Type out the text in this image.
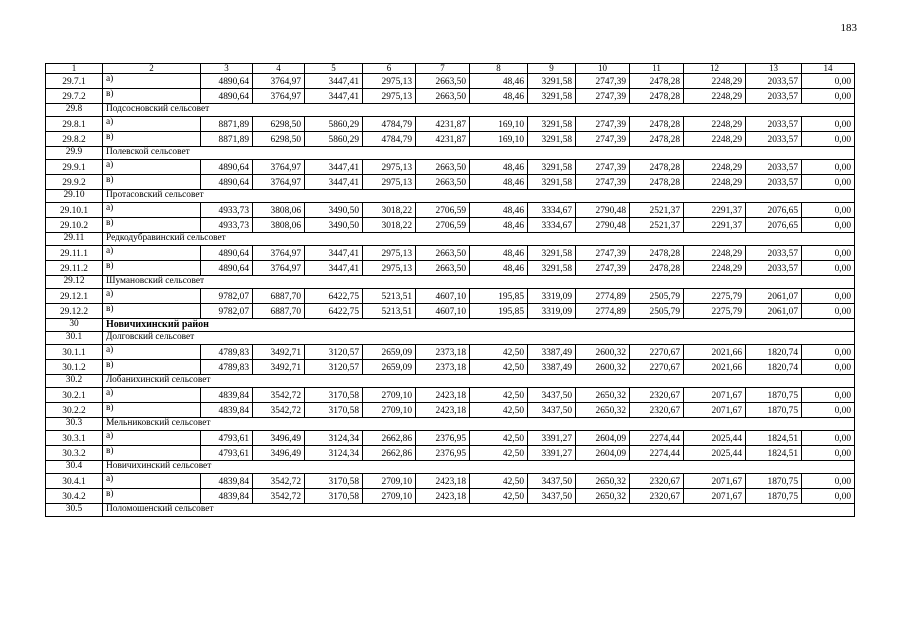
183
1	2	3	4	5	6	7	8	9	10	11	12	13	14
29.7.1	а)	4890,64	3764,97	3447,41	2975,13	2663,50	48,46	3291,58	2747,39	2478,28	2248,29	2033,57	0,00
29.7.2	в)	4890,64	3764,97	3447,41	2975,13	2663,50	48,46	3291,58	2747,39	2478,28	2248,29	2033,57	0,00
29.8	Подсосновский сельсовет												
29.8.1	а)	8871,89	6298,50	5860,29	4784,79	4231,87	169,10	3291,58	2747,39	2478,28	2248,29	2033,57	0,00
29.8.2	в)	8871,89	6298,50	5860,29	4784,79	4231,87	169,10	3291,58	2747,39	2478,28	2248,29	2033,57	0,00
29.9	Полевской сельсовет												
29.9.1	а)	4890,64	3764,97	3447,41	2975,13	2663,50	48,46	3291,58	2747,39	2478,28	2248,29	2033,57	0,00
29.9.2	в)	4890,64	3764,97	3447,41	2975,13	2663,50	48,46	3291,58	2747,39	2478,28	2248,29	2033,57	0,00
29.10	Протасовский сельсовет												
29.10.1	а)	4933,73	3808,06	3490,50	3018,22	2706,59	48,46	3334,67	2790,48	2521,37	2291,37	2076,65	0,00
29.10.2	в)	4933,73	3808,06	3490,50	3018,22	2706,59	48,46	3334,67	2790,48	2521,37	2291,37	2076,65	0,00
29.11	Редкодубравинский сельсовет												
29.11.1	а)	4890,64	3764,97	3447,41	2975,13	2663,50	48,46	3291,58	2747,39	2478,28	2248,29	2033,57	0,00
29.11.2	в)	4890,64	3764,97	3447,41	2975,13	2663,50	48,46	3291,58	2747,39	2478,28	2248,29	2033,57	0,00
29.12	Шумановский сельсовет												
29.12.1	а)	9782,07	6887,70	6422,75	5213,51	4607,10	195,85	3319,09	2774,89	2505,79	2275,79	2061,07	0,00
29.12.2	в)	9782,07	6887,70	6422,75	5213,51	4607,10	195,85	3319,09	2774,89	2505,79	2275,79	2061,07	0,00
30	Новичихинский район												
30.1	Долговский сельсовет												
30.1.1	а)	4789,83	3492,71	3120,57	2659,09	2373,18	42,50	3387,49	2600,32	2270,67	2021,66	1820,74	0,00
30.1.2	в)	4789,83	3492,71	3120,57	2659,09	2373,18	42,50	3387,49	2600,32	2270,67	2021,66	1820,74	0,00
30.2	Лобанихинский сельсовет												
30.2.1	а)	4839,84	3542,72	3170,58	2709,10	2423,18	42,50	3437,50	2650,32	2320,67	2071,67	1870,75	0,00
30.2.2	в)	4839,84	3542,72	3170,58	2709,10	2423,18	42,50	3437,50	2650,32	2320,67	2071,67	1870,75	0,00
30.3	Мельниковский сельсовет												
30.3.1	а)	4793,61	3496,49	3124,34	2662,86	2376,95	42,50	3391,27	2604,09	2274,44	2025,44	1824,51	0,00
30.3.2	в)	4793,61	3496,49	3124,34	2662,86	2376,95	42,50	3391,27	2604,09	2274,44	2025,44	1824,51	0,00
30.4	Новичихинский сельсовет												
30.4.1	а)	4839,84	3542,72	3170,58	2709,10	2423,18	42,50	3437,50	2650,32	2320,67	2071,67	1870,75	0,00
30.4.2	в)	4839,84	3542,72	3170,58	2709,10	2423,18	42,50	3437,50	2650,32	2320,67	2071,67	1870,75	0,00
30.5	Поломошенский сельсовет												
